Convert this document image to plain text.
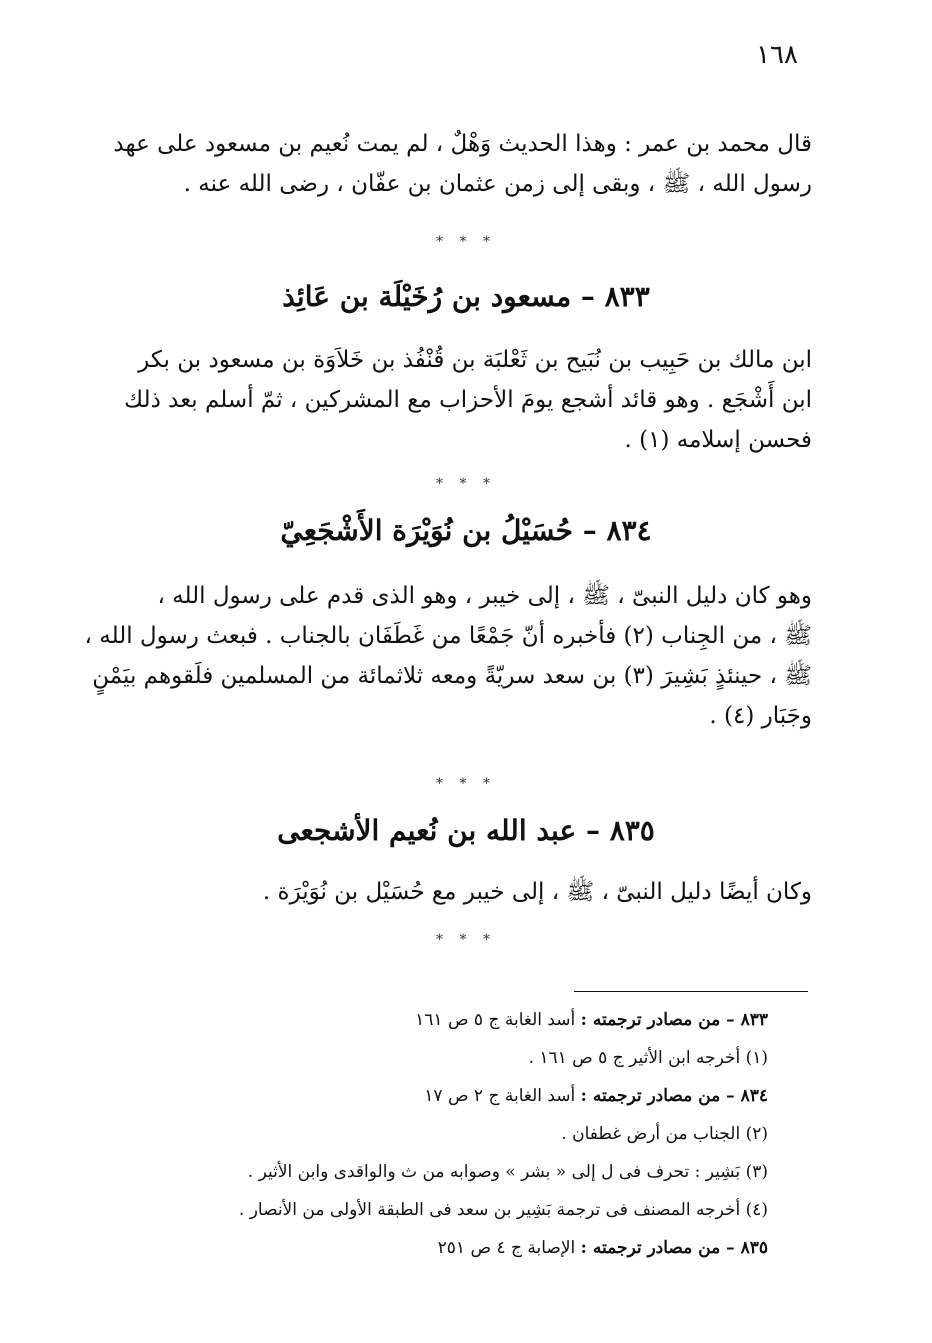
١٦٨

قال محمد بن عمر : وهذا الحديث وَهْلٌ ، لم يمت نُعيم بن مسعود على عهد
رسول الله ، ﷺ ، وبقى إلى زمن عثمان بن عفّان ، رضى الله عنه .

* * *
٨٣٣ – مسعود بن رُخَيْلَة بن عَائِذ

ابن مالك بن حَبِيب بن نُبَيح بن ثَعْلبَة بن قُنْفُذ بن خَلاَوَة بن مسعود بن بكر
ابن أَشْجَع . وهو قائد أشجع يومَ الأحزاب مع المشركين ، ثمّ أسلم بعد ذلك
فحسن إسلامه (١) .

* * *
٨٣٤ – حُسَيْلُ بن نُوَيْرَة الأَشْجَعِيّ

وهو كان دليل النبىّ ، ﷺ ، إلى خيبر ، وهو الذى قدم على رسول الله ،
ﷺ ، من الجِناب (٢) فأخبره أنّ جَمْعًا من غَطَفَان بالجناب . فبعث رسول الله ،
ﷺ ، حينئذٍ بَشِيرَ (٣) بن سعد سريّةً ومعه ثلاثمائة من المسلمين فلَقوهم بيَمْنٍ
وجَبَار (٤) .

* * *
٨٣٥ – عبد الله بن نُعيم الأشجعى

وكان أيضًا دليل النبىّ ، ﷺ ، إلى خيبر مع حُسَيْل بن نُوَيْرَة .

* * *
٨٣٣ – من مصادر ترجمته : أسد الغابة ج ٥ ص ١٦١
(١) أخرجه ابن الأثير ج ٥ ص ١٦١ .
٨٣٤ – من مصادر ترجمته : أسد الغابة ج ٢ ص ١٧
(٢) الجناب من أرض غطفان .
(٣) بَشِير : تحرف فى ل إلى « بشر » وصوابه من ث والواقدى وابن الأثير .
(٤) أخرجه المصنف فى ترجمة بَشِير بن سعد فى الطبقة الأولى من الأنصار .
٨٣٥ – من مصادر ترجمته : الإصابة ج ٤ ص ٢٥١
